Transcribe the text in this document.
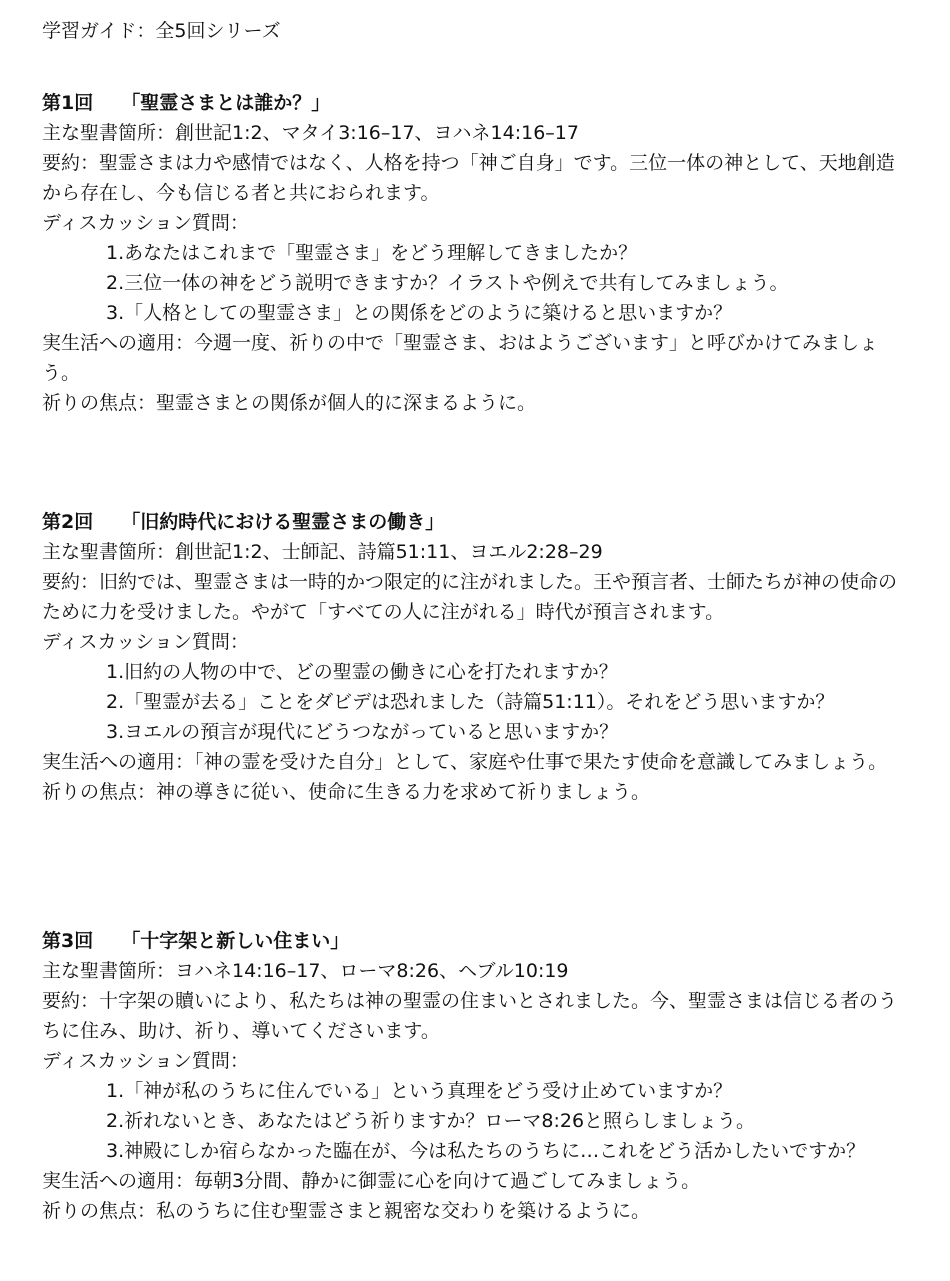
学習ガイド：全5回シリーズ
第1回 「聖霊さまとは誰か？」

主な聖書箇所：創世記1:2、マタイ3:16–17、ヨハネ14:16–17

要約：聖霊さまは力や感情ではなく、人格を持つ「神ご自身」です。三位一体の神として、天地創造から存在し、今も信じる者と共におられます。

ディスカッション質問：

1.あなたはこれまで「聖霊さま」をどう理解してきましたか？
2.三位一体の神をどう説明できますか？イラストや例えで共有してみましょう。
3.「人格としての聖霊さま」との関係をどのように築けると思いますか？

実生活への適用：今週一度、祈りの中で「聖霊さま、おはようございます」と呼びかけてみましょう。

祈りの焦点：聖霊さまとの関係が個人的に深まるように。

第2回 「旧約時代における聖霊さまの働き」

主な聖書箇所：創世記1:2、士師記、詩篇51:11、ヨエル2:28–29

要約：旧約では、聖霊さまは一時的かつ限定的に注がれました。王や預言者、士師たちが神の使命のために力を受けました。やがて「すべての人に注がれる」時代が預言されます。

ディスカッション質問：

1.旧約の人物の中で、どの聖霊の働きに心を打たれますか？
2.「聖霊が去る」ことをダビデは恐れました（詩篇51:11）。それをどう思いますか？
3.ヨエルの預言が現代にどうつながっていると思いますか？

実生活への適用：「神の霊を受けた自分」として、家庭や仕事で果たす使命を意識してみましょう。

祈りの焦点：神の導きに従い、使命に生きる力を求めて祈りましょう。

第3回 「十字架と新しい住まい」

主な聖書箇所：ヨハネ14:16–17、ローマ8:26、ヘブル10:19

要約：十字架の贖いにより、私たちは神の聖霊の住まいとされました。今、聖霊さまは信じる者のうちに住み、助け、祈り、導いてくださいます。

ディスカッション質問：

1.「神が私のうちに住んでいる」という真理をどう受け止めていますか？
2.祈れないとき、あなたはどう祈りますか？ローマ8:26と照らしましょう。
3.神殿にしか宿らなかった臨在が、今は私たちのうちに…これをどう活かしたいですか？

実生活への適用：毎朝3分間、静かに御霊に心を向けて過ごしてみましょう。

祈りの焦点：私のうちに住む聖霊さまと親密な交わりを築けるように。
